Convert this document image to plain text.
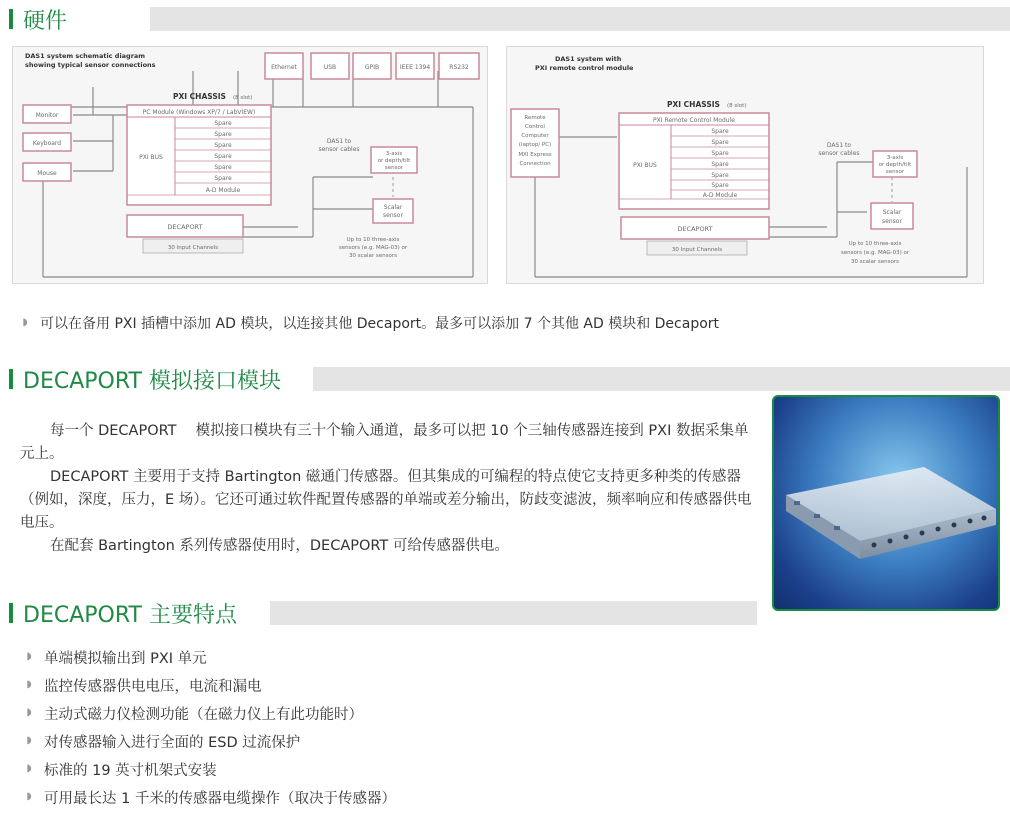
硬件
DAS1 system schematic diagram
showing typical sensor connections	Ethernet	USB	GPIB	IEEE 1394	RS232
Monitor
Keyboard
Mouse
PXI CHASSIS (8 slot)
PC Module (Windows XP/7 / LabVIEW)
PXI BUS
Spare
Spare
Spare
Spare
Spare
Spare
A-D Module
DECAPORT
30 Input Channels
DAS1 to
sensor cables
3-axis
or depth/tilt
sensor
Scalar
sensor
Up to 10 three-axis
sensors (e.g. MAG-03) or
30 scalar sensors
DAS1 system with
PXI remote control module
Remote
Control
Computer
(laptop/ PC)
MXI Express
Connection
PXI CHASSIS (8 slot)
PXI Remote Control Module
PXI BUS
Spare
Spare
Spare
Spare
Spare
Spare
A-D Module
DECAPORT
30 Input Channels
DAS1 to
sensor cables
3-axis
or depth/tilt
sensor
Scalar
sensor
Up to 10 three-axis
sensors (e.g. MAG-03) or
30 scalar sensors
◗ 可以在备用 PXI 插槽中添加 AD 模块，以连接其他 Decaport。最多可以添加 7 个其他 AD 模块和 Decaport
DECAPORT 模拟接口模块

每一个 DECAPORT　 模拟接口模块有三十个输入通道，最多可以把 10 个三轴传感器连接到 PXI 数据采集单元上。

DECAPORT 主要用于支持 Bartington 磁通门传感器。但其集成的可编程的特点使它支持更多种类的传感器（例如，深度，压力，E 场）。它还可通过软件配置传感器的单端或差分输出，防歧变滤波，频率响应和传感器供电电压。

在配套 Bartington 系列传感器使用时，DECAPORT 可给传感器供电。

DECAPORT 主要特点
◗ 单端模拟输出到 PXI 单元
◗ 监控传感器供电电压，电流和漏电
◗ 主动式磁力仪检测功能（在磁力仪上有此功能时）
◗ 对传感器输入进行全面的 ESD 过流保护
◗ 标准的 19 英寸机架式安装
◗ 可用最长达 1 千米的传感器电缆操作（取决于传感器）
